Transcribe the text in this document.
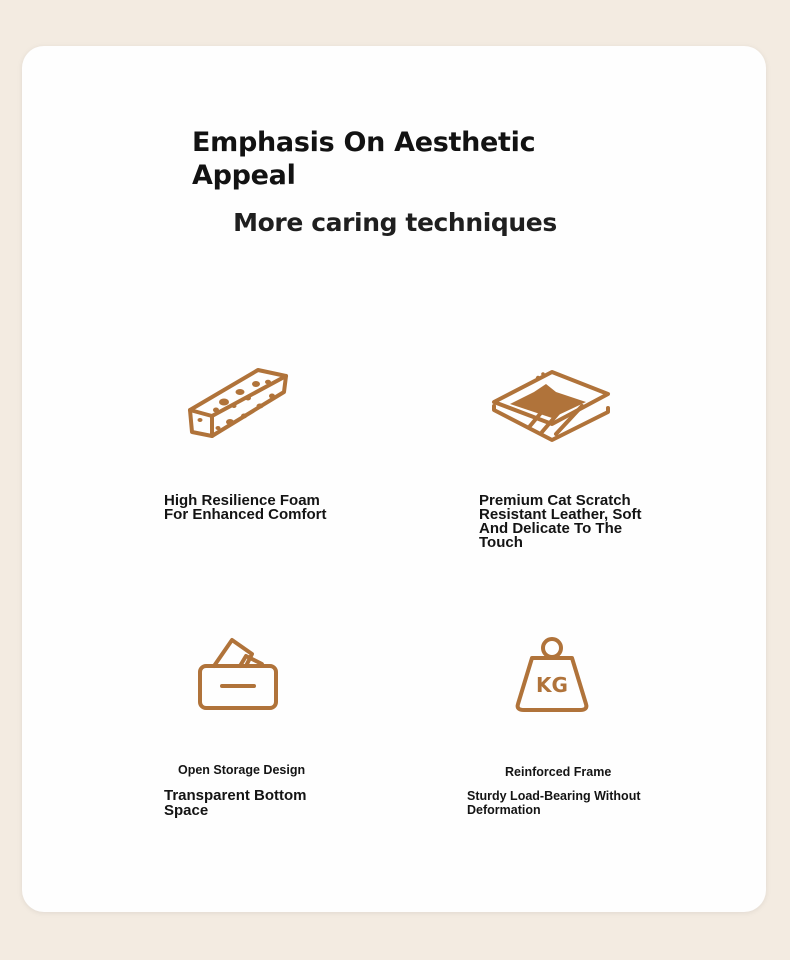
Emphasis On Aesthetic Appeal
More caring techniques
High Resilience Foam For Enhanced Comfort
Premium Cat Scratch Resistant Leather, Soft And Delicate To The Touch
Open Storage Design
Transparent Bottom Space
KG
Reinforced Frame
Sturdy Load-Bearing Without Deformation
